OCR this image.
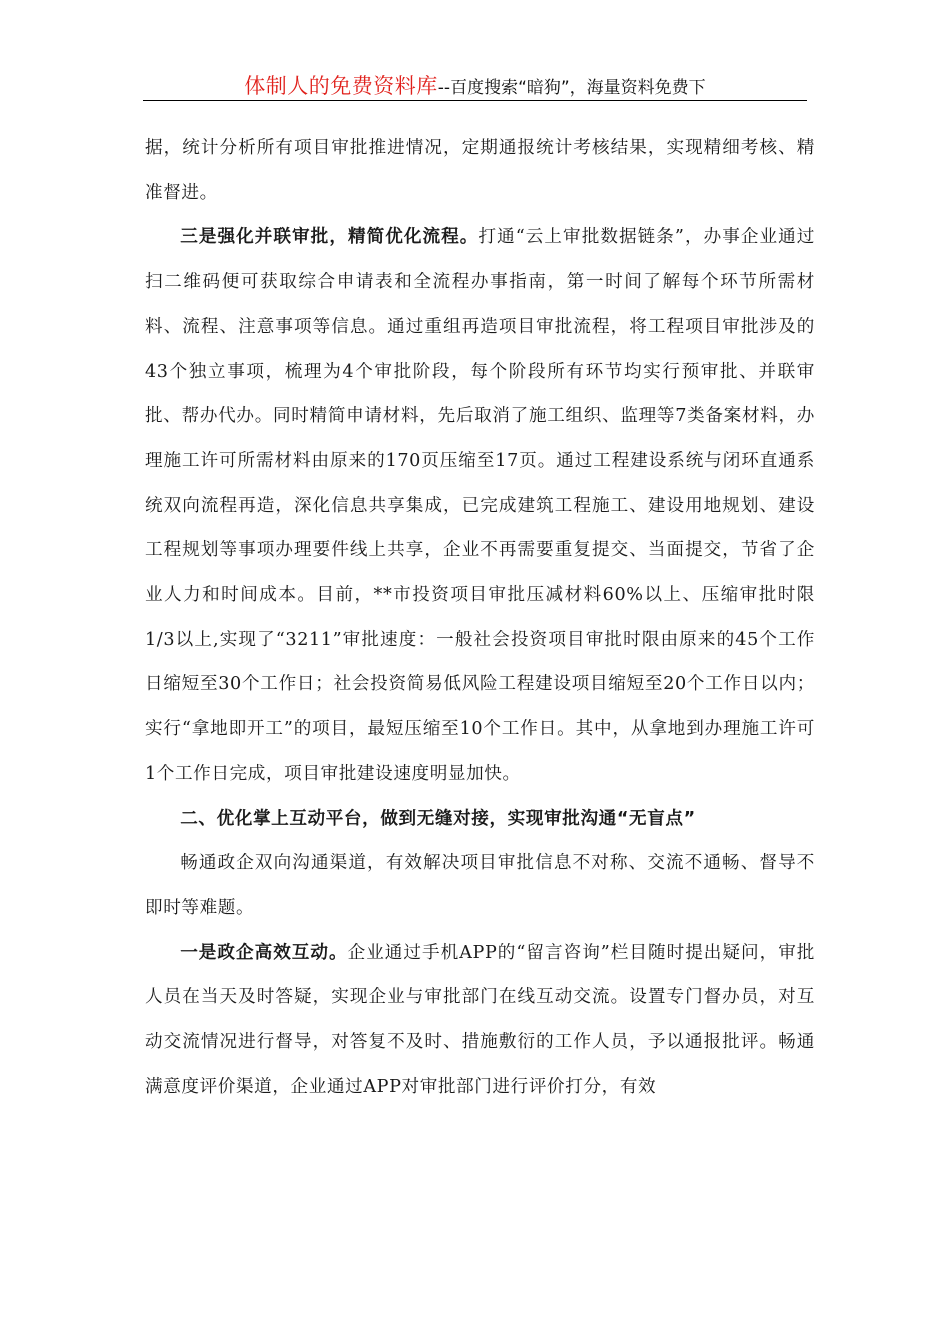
体制人的免费资料库--百度搜索“暗狗”，海量资料免费下

据，统计分析所有项目审批推进情况，定期通报统计考核结果，实现精细考核、精准督进。

三是强化并联审批，精简优化流程。打通“云上审批数据链条”，办事企业通过扫二维码便可获取综合申请表和全流程办事指南，第一时间了解每个环节所需材料、流程、注意事项等信息。通过重组再造项目审批流程，将工程项目审批涉及的43个独立事项，梳理为4个审批阶段，每个阶段所有环节均实行预审批、并联审批、帮办代办。同时精简申请材料，先后取消了施工组织、监理等7类备案材料，办理施工许可所需材料由原来的170页压缩至17页。通过工程建设系统与闭环直通系统双向流程再造，深化信息共享集成，已完成建筑工程施工、建设用地规划、建设工程规划等事项办理要件线上共享，企业不再需要重复提交、当面提交，节省了企业人力和时间成本。目前，**市投资项目审批压减材料60%以上、压缩审批时限1/3以上,实现了“3211”审批速度：一般社会投资项目审批时限由原来的45个工作日缩短至30个工作日；社会投资简易低风险工程建设项目缩短至20个工作日以内；实行“拿地即开工”的项目，最短压缩至10个工作日。其中，从拿地到办理施工许可1个工作日完成，项目审批建设速度明显加快。

二、优化掌上互动平台，做到无缝对接，实现审批沟通“无盲点”

畅通政企双向沟通渠道，有效解决项目审批信息不对称、交流不通畅、督导不即时等难题。

一是政企高效互动。企业通过手机APP的“留言咨询”栏目随时提出疑问，审批人员在当天及时答疑，实现企业与审批部门在线互动交流。设置专门督办员，对互动交流情况进行督导，对答复不及时、措施敷衍的工作人员，予以通报批评。畅通满意度评价渠道，企业通过APP对审批部门进行评价打分，有效
